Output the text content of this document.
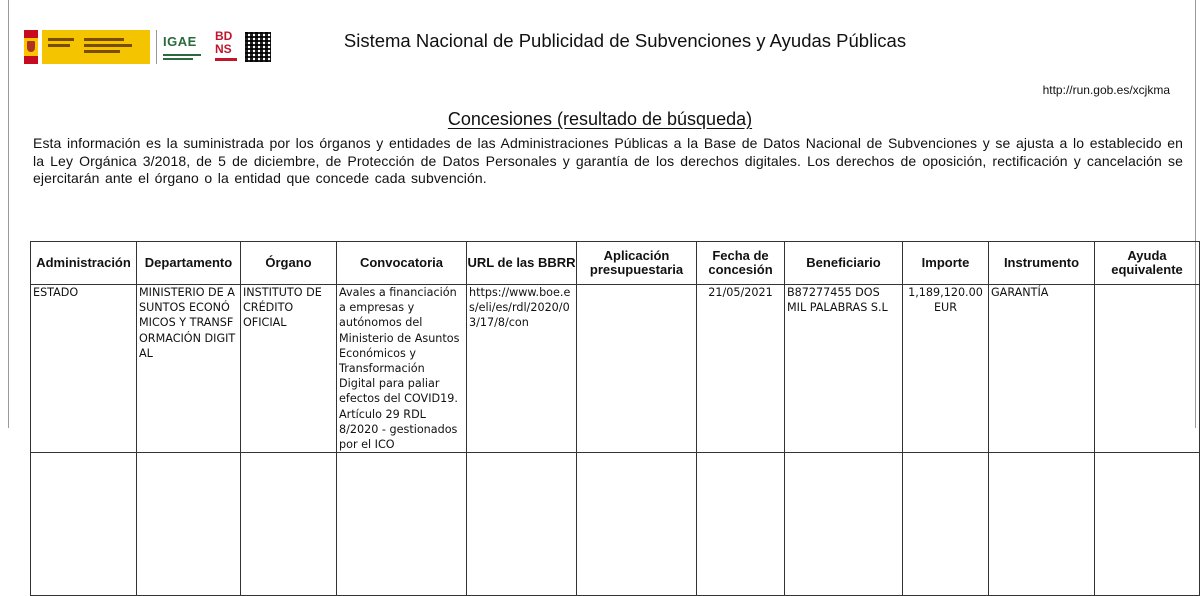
IGAE BD
NS	Sistema Nacional de Publicidad de Subvenciones y Ayudas Públicas
http://run.gob.es/xcjkma
Concesiones (resultado de búsqueda)
Esta información es la suministrada por los órganos y entidades de las Administraciones Públicas a la Base de Datos Nacional de Subvenciones y se ajusta a lo establecido en la Ley Orgánica 3/2018, de 5 de diciembre, de Protección de Datos Personales y garantía de los derechos digitales. Los derechos de oposición, rectificación y cancelación se ejercitarán ante el órgano o la entidad que concede cada subvención.
Administración	Departamento	Órgano	Convocatoria	URL de las BBRR	Aplicación presupuestaria	Fecha de concesión	Beneficiario	Importe	Instrumento	Ayuda equivalente
ESTADO	MINISTERIO DE ASUNTOS ECONÓMICOS Y TRANSFORMACIÓN DIGITAL	INSTITUTO DE CRÉDITO OFICIAL	Avales a financiación a empresas y autónomos del Ministerio de Asuntos Económicos y Transformación Digital para paliar efectos del COVID19. Artículo 29 RDL 8/2020 - gestionados por el ICO	https://www.boe.es/eli/es/rdl/2020/03/17/8/con		21/05/2021	B87277455 DOS MIL PALABRAS S.L	1,189,120.00 EUR	GARANTÍA	
